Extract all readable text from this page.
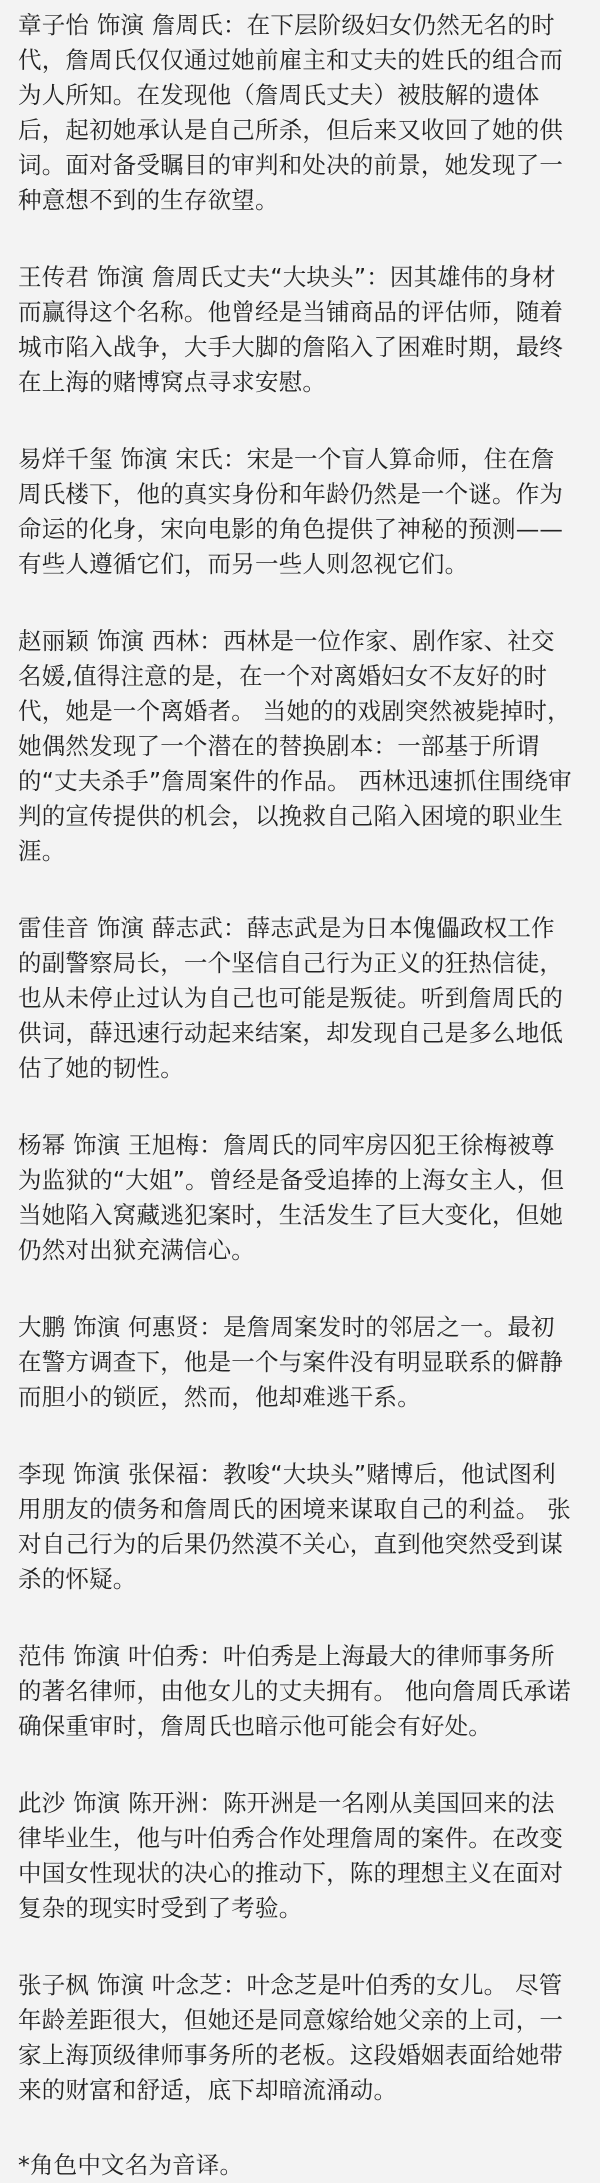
章子怡 饰演 詹周氏：在下层阶级妇女仍然无名的时代，詹周氏仅仅通过她前雇主和丈夫的姓氏的组合而为人所知。在发现他（詹周氏丈夫）被肢解的遗体后，起初她承认是自己所杀，但后来又收回了她的供词。面对备受瞩目的审判和处决的前景，她发现了一种意想不到的生存欲望。

王传君 饰演 詹周氏丈夫“大块头”：因其雄伟的身材而赢得这个名称。他曾经是当铺商品的评估师，随着城市陷入战争，大手大脚的詹陷入了困难时期，最终在上海的赌博窝点寻求安慰。

易烊千玺 饰演 宋氏：宋是一个盲人算命师，住在詹周氏楼下，他的真实身份和年龄仍然是一个谜。作为命运的化身，宋向电影的角色提供了神秘的预测——有些人遵循它们，而另一些人则忽视它们。

赵丽颖 饰演 西林：西林是一位作家、剧作家、社交名媛,值得注意的是，在一个对离婚妇女不友好的时代，她是一个离婚者。 当她的的戏剧突然被毙掉时，她偶然发现了一个潜在的替换剧本：一部基于所谓的“丈夫杀手”詹周案件的作品。 西林迅速抓住围绕审判的宣传提供的机会，以挽救自己陷入困境的职业生涯。

雷佳音 饰演 薛志武：薛志武是为日本傀儡政权工作的副警察局长，一个坚信自己行为正义的狂热信徒，也从未停止过认为自己也可能是叛徒。听到詹周氏的供词，薛迅速行动起来结案，却发现自己是多么地低估了她的韧性。

杨幂 饰演 王旭梅：詹周氏的同牢房囚犯王徐梅被尊为监狱的“大姐”。曾经是备受追捧的上海女主人，但当她陷入窝藏逃犯案时，生活发生了巨大变化，但她仍然对出狱充满信心。

大鹏 饰演 何惠贤：是詹周案发时的邻居之一。最初在警方调查下，他是一个与案件没有明显联系的僻静而胆小的锁匠，然而，他却难逃干系。

李现 饰演 张保福：教唆“大块头”赌博后，他试图利用朋友的债务和詹周氏的困境来谋取自己的利益。 张对自己行为的后果仍然漠不关心，直到他突然受到谋杀的怀疑。

范伟 饰演 叶伯秀：叶伯秀是上海最大的律师事务所的著名律师，由他女儿的丈夫拥有。 他向詹周氏承诺确保重审时，詹周氏也暗示他可能会有好处。

此沙 饰演 陈开洲：陈开洲是一名刚从美国回来的法律毕业生，他与叶伯秀合作处理詹周的案件。在改变中国女性现状的决心的推动下，陈的理想主义在面对复杂的现实时受到了考验。

张子枫 饰演 叶念芝：叶念芝是叶伯秀的女儿。 尽管年龄差距很大，但她还是同意嫁给她父亲的上司，一家上海顶级律师事务所的老板。这段婚姻表面给她带来的财富和舒适，底下却暗流涌动。

*角色中文名为音译。
